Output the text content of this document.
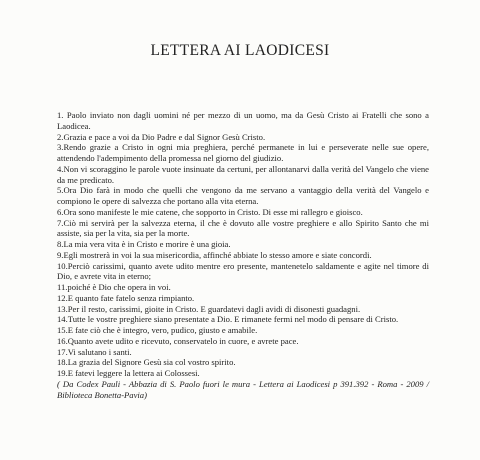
LETTERA AI LAODICESI

1. Paolo inviato non dagli uomini né per mezzo di un uomo, ma da Gesù Cristo ai Fratelli che sono a Laodicea.

2.Grazia e pace a voi da Dio Padre e dal Signor Gesù Cristo.

3.Rendo grazie a Cristo in ogni mia preghiera, perché permanete in lui e perseverate nelle sue opere, attendendo l'adempimento della promessa nel giorno del giudizio.

4.Non vi scoraggino le parole vuote insinuate da certuni, per allontanarvi dalla verità del Vangelo che viene da me predicato.

5.Ora Dio farà in modo che quelli che vengono da me servano a vantaggio della verità del Vangelo e compiono le opere di salvezza che portano alla vita eterna.

6.Ora sono manifeste le mie catene, che sopporto in Cristo. Di esse mi rallegro e gioisco.

7.Ciò mi servirà per la salvezza eterna, il che è dovuto alle vostre preghiere e allo Spirito Santo che mi assiste, sia per la vita, sia per la morte.

8.La mia vera vita è in Cristo e morire è una gioia.

9.Egli mostrerà in voi la sua misericordia, affinché abbiate lo stesso amore e siate concordi.

10.Perciò carissimi, quanto avete udito mentre ero presente, mantenetelo saldamente e agite nel timore di Dio, e avrete vita in eterno;

11.poiché è Dio che opera in voi.

12.E quanto fate fatelo senza rimpianto.

13.Per il resto, carissimi, gioite in Cristo. E guardatevi dagli avidi di disonesti guadagni.

14.Tutte le vostre preghiere siano presentate a Dio. E rimanete fermi nel modo di pensare di Cristo.

15.E fate ciò che è integro, vero, pudico, giusto e amabile.

16.Quanto avete udito e ricevuto, conservatelo in cuore, e avrete pace.

17.Vi salutano i santi.

18.La grazia del Signore Gesù sia col vostro spirito.

19.E fatevi leggere la lettera ai Colossesi.

( Da Codex Pauli - Abbazia di S. Paolo fuori le mura - Lettera ai Laodicesi p 391.392 - Roma - 2009 / Biblioteca Bonetta-Pavia)
